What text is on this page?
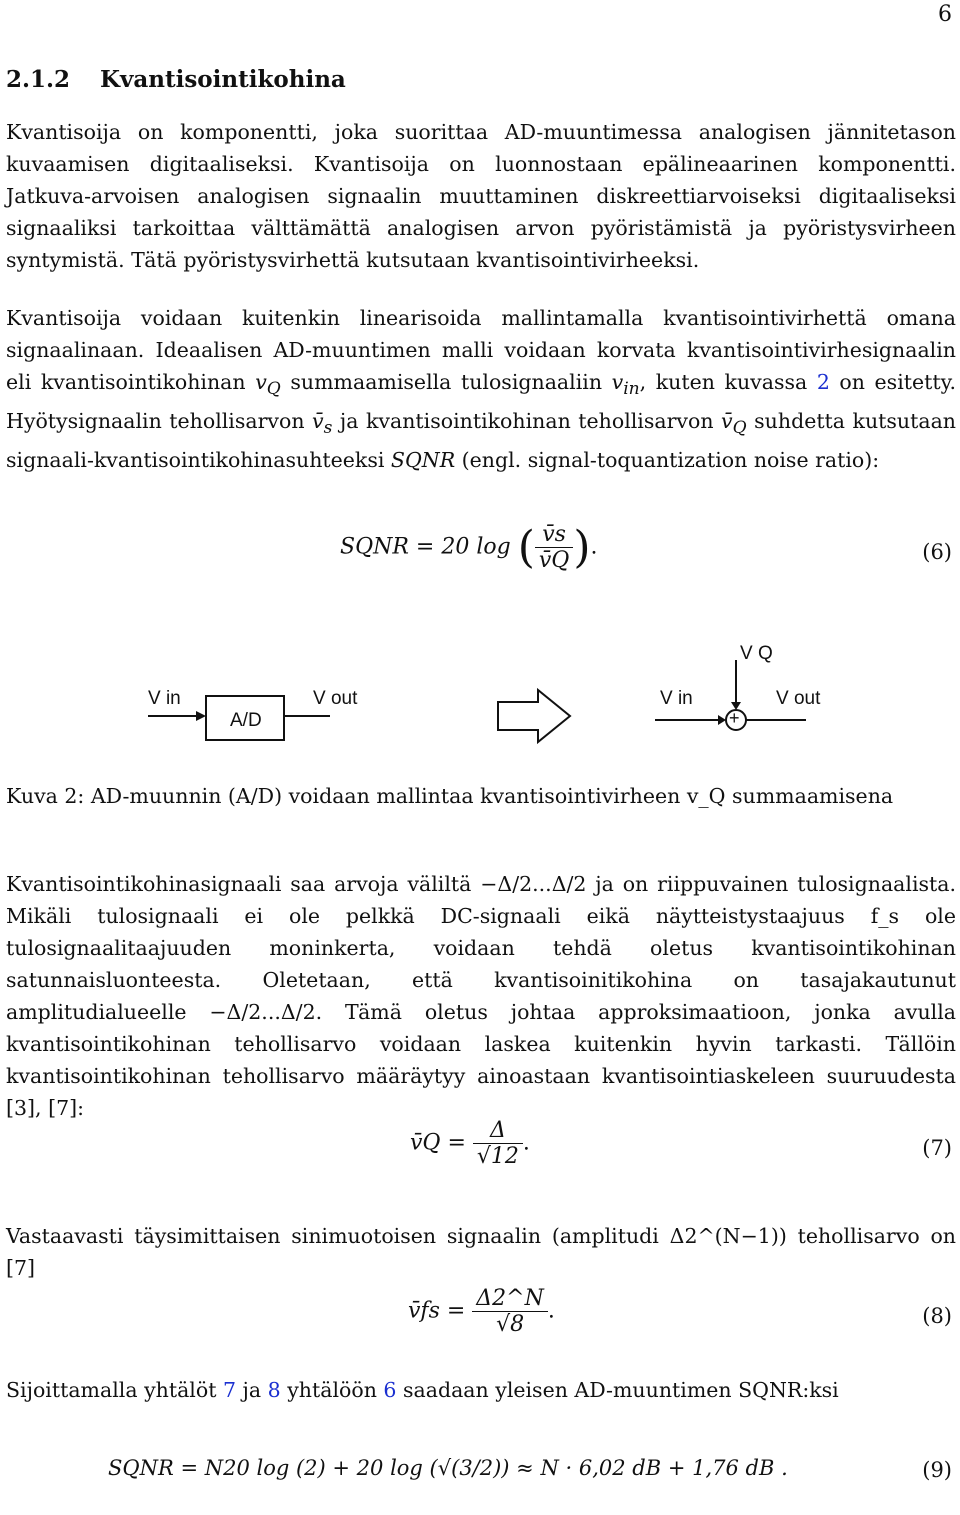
6
2.1.2 Kvantisointikohina

Kvantisoija on komponentti, joka suorittaa AD-muuntimessa analogisen jännitetason kuvaamisen digitaaliseksi. Kvantisoija on luonnostaan epälineaarinen komponentti. Jatkuva-arvoisen analogisen signaalin muuttaminen diskreettiarvoiseksi digitaaliseksi signaaliksi tarkoittaa välttämättä analogisen arvon pyöristämistä ja pyöristysvirheen syntymistä. Tätä pyöristysvirhettä kutsutaan kvantisointivirheeksi.

Kvantisoija voidaan kuitenkin linearisoida mallintamalla kvantisointivirhettä omana signaalinaan. Ideaalisen AD-muuntimen malli voidaan korvata kvantisointivirhesignaalin eli kvantisointikohinan $v_Q$ summaamisella tulosignaaliin $v_{in}$, kuten kuvassa 2 on esitetty. Hyötysignaalin tehollisarvon $v̄_s$ ja kvantisointikohinan tehollisarvon $v̄_Q$ suhdetta kutsutaan signaali-kvantisointikohinasuhteeksi SQNR (engl. signal-toquantization noise ratio):

SQNR = 20 log ( $\frac{v̄s}{v̄Q}$ ).	(6)
V in
A/D
V out
V Q
V in
+
V out
Kuva 2: AD-muunnin (A/D) voidaan mallintaa kvantisointivirheen v_Q summaamisena

Kvantisointikohinasignaali saa arvoja väliltä −Δ/2...Δ/2 ja on riippuvainen tulosignaalista. Mikäli tulosignaali ei ole pelkkä DC-signaali eikä näytteistystaajuus f_s ole tulosignaalitaajuuden moninkerta, voidaan tehdä oletus kvantisointikohinan satunnaisluonteesta. Oletetaan, että kvantisoinitikohina on tasajakautunut amplitudialueelle −Δ/2...Δ/2. Tämä oletus johtaa approksimaatioon, jonka avulla kvantisointikohinan tehollisarvo voidaan laskea kuitenkin hyvin tarkasti. Tällöin kvantisointikohinan tehollisarvo määräytyy ainoastaan kvantisointiaskeleen suuruudesta [3], [7]:

v̄Q = $\frac{\Delta}{√12}$ .	(7)

Vastaavasti täysimittaisen sinimuotoisen signaalin (amplitudi Δ2^(N−1)) tehollisarvo on [7]

v̄fs = $\frac{\Delta 2\^{}N}{√8}$ .	(8)

Sijoittamalla yhtälöt 7 ja 8 yhtälöön 6 saadaan yleisen AD-muuntimen SQNR:ksi

SQNR = N20 log (2) + 20 log (√(3/2)) ≈ N · 6,02 dB + 1,76 dB .	(9)
